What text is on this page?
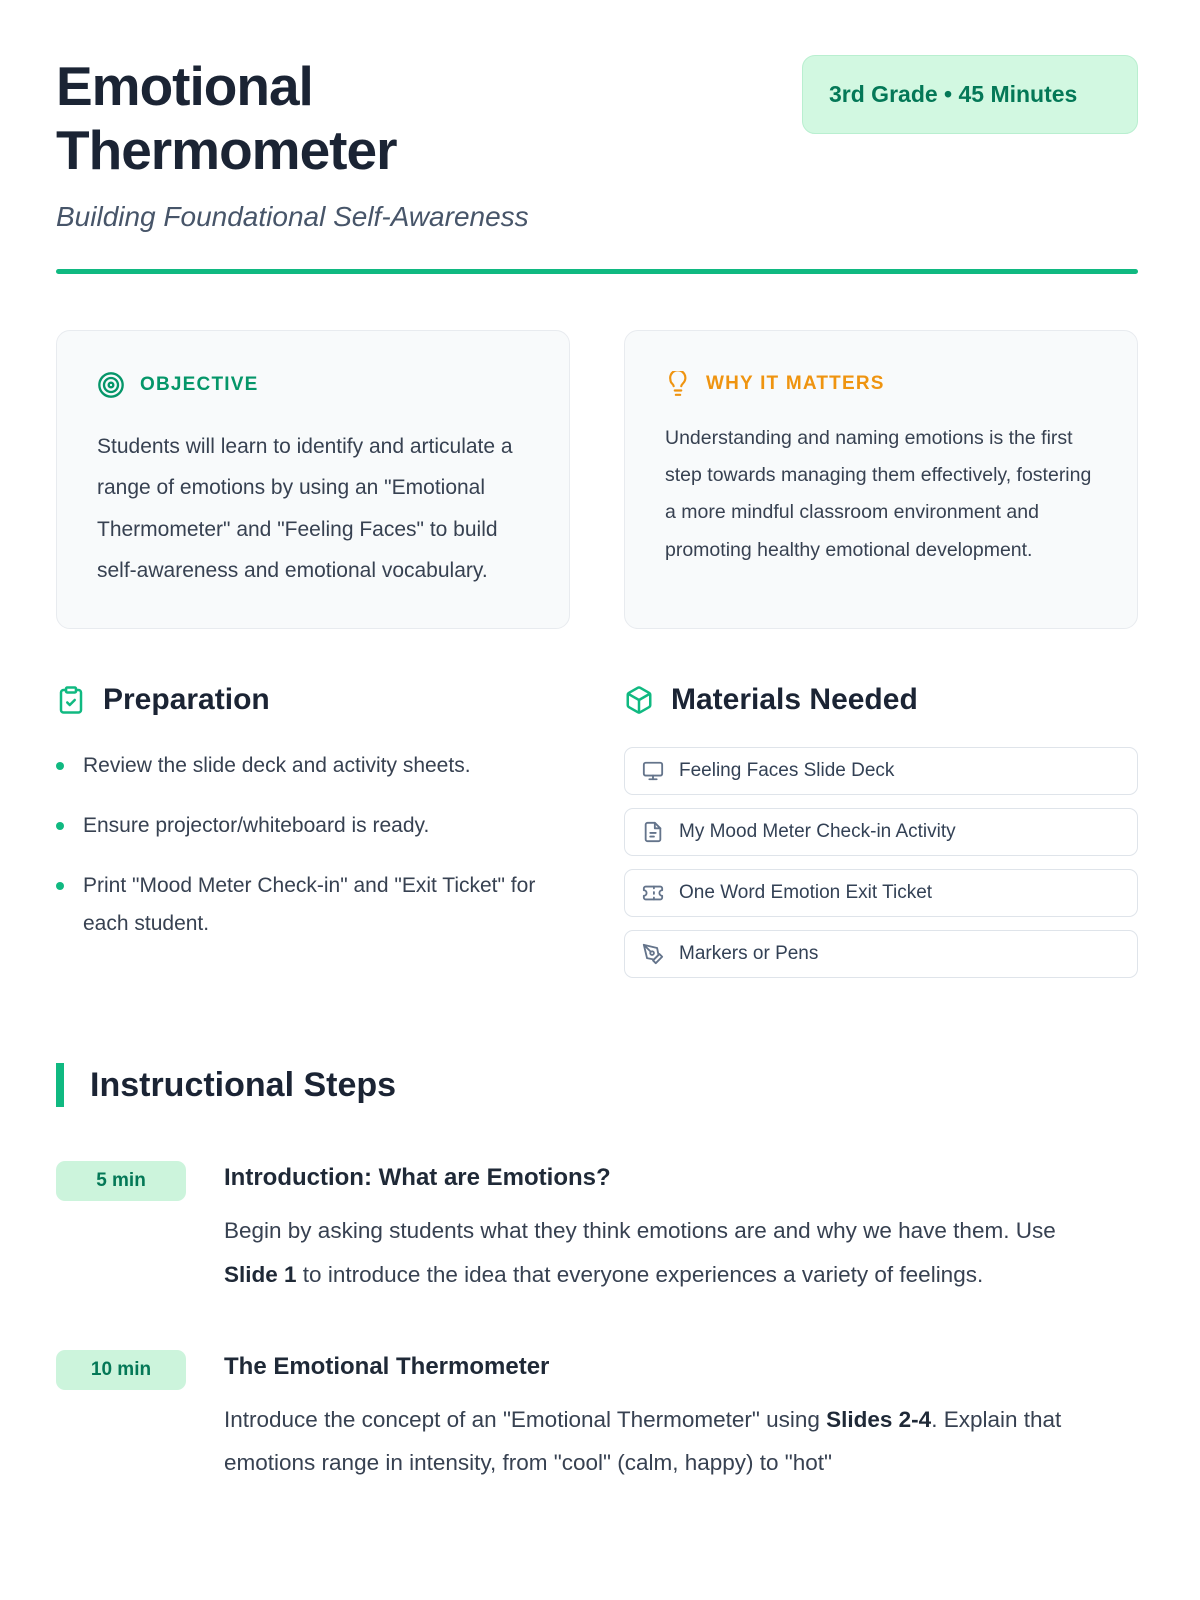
Emotional Thermometer

Building Foundational Self-Awareness

3rd Grade • 45 Minutes
OBJECTIVE

Students will learn to identify and articulate a range of emotions by using an "Emotional Thermometer" and "Feeling Faces" to build self-awareness and emotional vocabulary.

WHY IT MATTERS

Understanding and naming emotions is the first step towards managing them effectively, fostering a more mindful classroom environment and promoting healthy emotional development.

Preparation
Review the slide deck and activity sheets.
Ensure projector/whiteboard is ready.
Print "Mood Meter Check-in" and "Exit Ticket" for each student.
Materials Needed
Feeling Faces Slide Deck
My Mood Meter Check-in Activity
One Word Emotion Exit Ticket
Markers or Pens
Instructional Steps
5 min	Introduction: What are Emotions?

Begin by asking students what they think emotions are and why we have them. Use Slide 1 to introduce the idea that everyone experiences a variety of feelings.

10 min	The Emotional Thermometer

Introduce the concept of an "Emotional Thermometer" using Slides 2-4. Explain that emotions range in intensity, from "cool" (calm, happy) to "hot"
